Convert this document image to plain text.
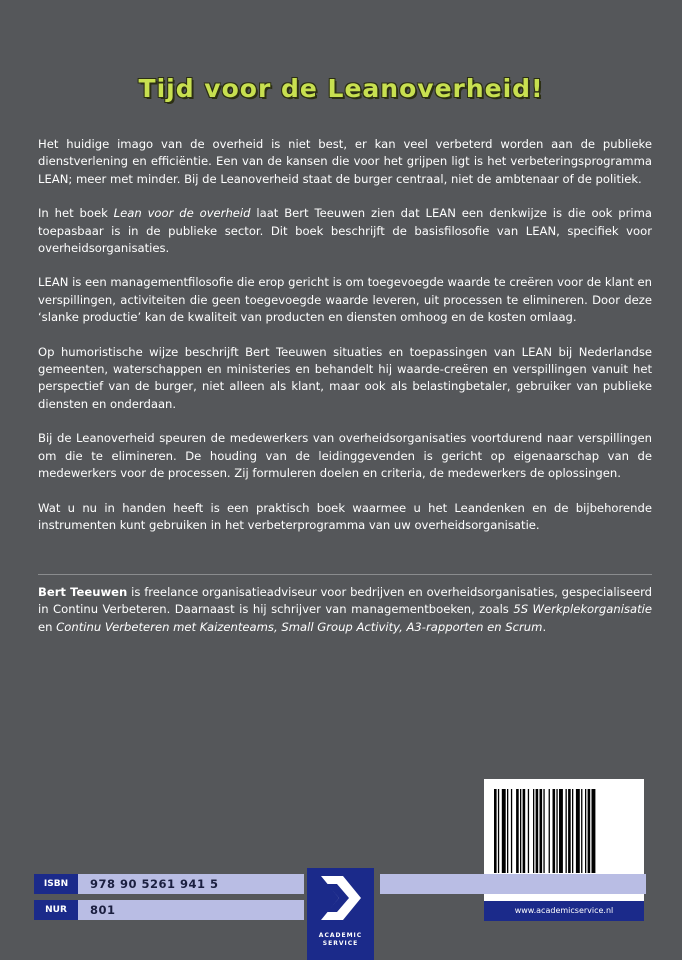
Tijd voor de Leanoverheid!

Het huidige imago van de overheid is niet best, er kan veel verbeterd worden aan de publieke dienstverlening en efficiëntie. Een van de kansen die voor het grijpen ligt is het verbeteringsprogramma LEAN; meer met minder. Bij de Leanoverheid staat de burger centraal, niet de ambtenaar of de politiek.

In het boek Lean voor de overheid laat Bert Teeuwen zien dat LEAN een denkwijze is die ook prima toepasbaar is in de publieke sector. Dit boek beschrijft de basisfilosofie van LEAN, specifiek voor overheidsorganisaties.

LEAN is een managementfilosofie die erop gericht is om toegevoegde waarde te creëren voor de klant en verspillingen, activiteiten die geen toegevoegde waarde leveren, uit processen te elimineren. Door deze ‘slanke productie’ kan de kwaliteit van producten en diensten omhoog en de kosten omlaag.

Op humoristische wijze beschrijft Bert Teeuwen situaties en toepassingen van LEAN bij Nederlandse gemeenten, waterschappen en ministeries en behandelt hij waarde-creëren en verspillingen vanuit het perspectief van de burger, niet alleen als klant, maar ook als belastingbetaler, gebruiker van publieke diensten en onderdaan.

Bij de Leanoverheid speuren de medewerkers van overheidsorganisaties voortdurend naar verspillingen om die te elimineren. De houding van de leidinggevenden is gericht op eigenaarschap van de medewerkers voor de processen. Zij formuleren doelen en criteria, de medewerkers de oplossingen.

Wat u nu in handen heeft is een praktisch boek waarmee u het Leandenken en de bijbehorende instrumenten kunt gebruiken in het verbeterprogramma van uw overheidsorganisatie.

Bert Teeuwen is freelance organisatieadviseur voor bedrijven en overheidsorganisaties, gespecialiseerd in Continu Verbeteren. Daarnaast is hij schrijver van managementboeken, zoals 5S Werkplekorganisatie en Continu Verbeteren met Kaizenteams, Small Group Activity, A3-rapporten en Scrum.
ISBN	978 90 5261 941 5
NUR	801	www.academicservice.nl
ACADEMIC
SERVICE
